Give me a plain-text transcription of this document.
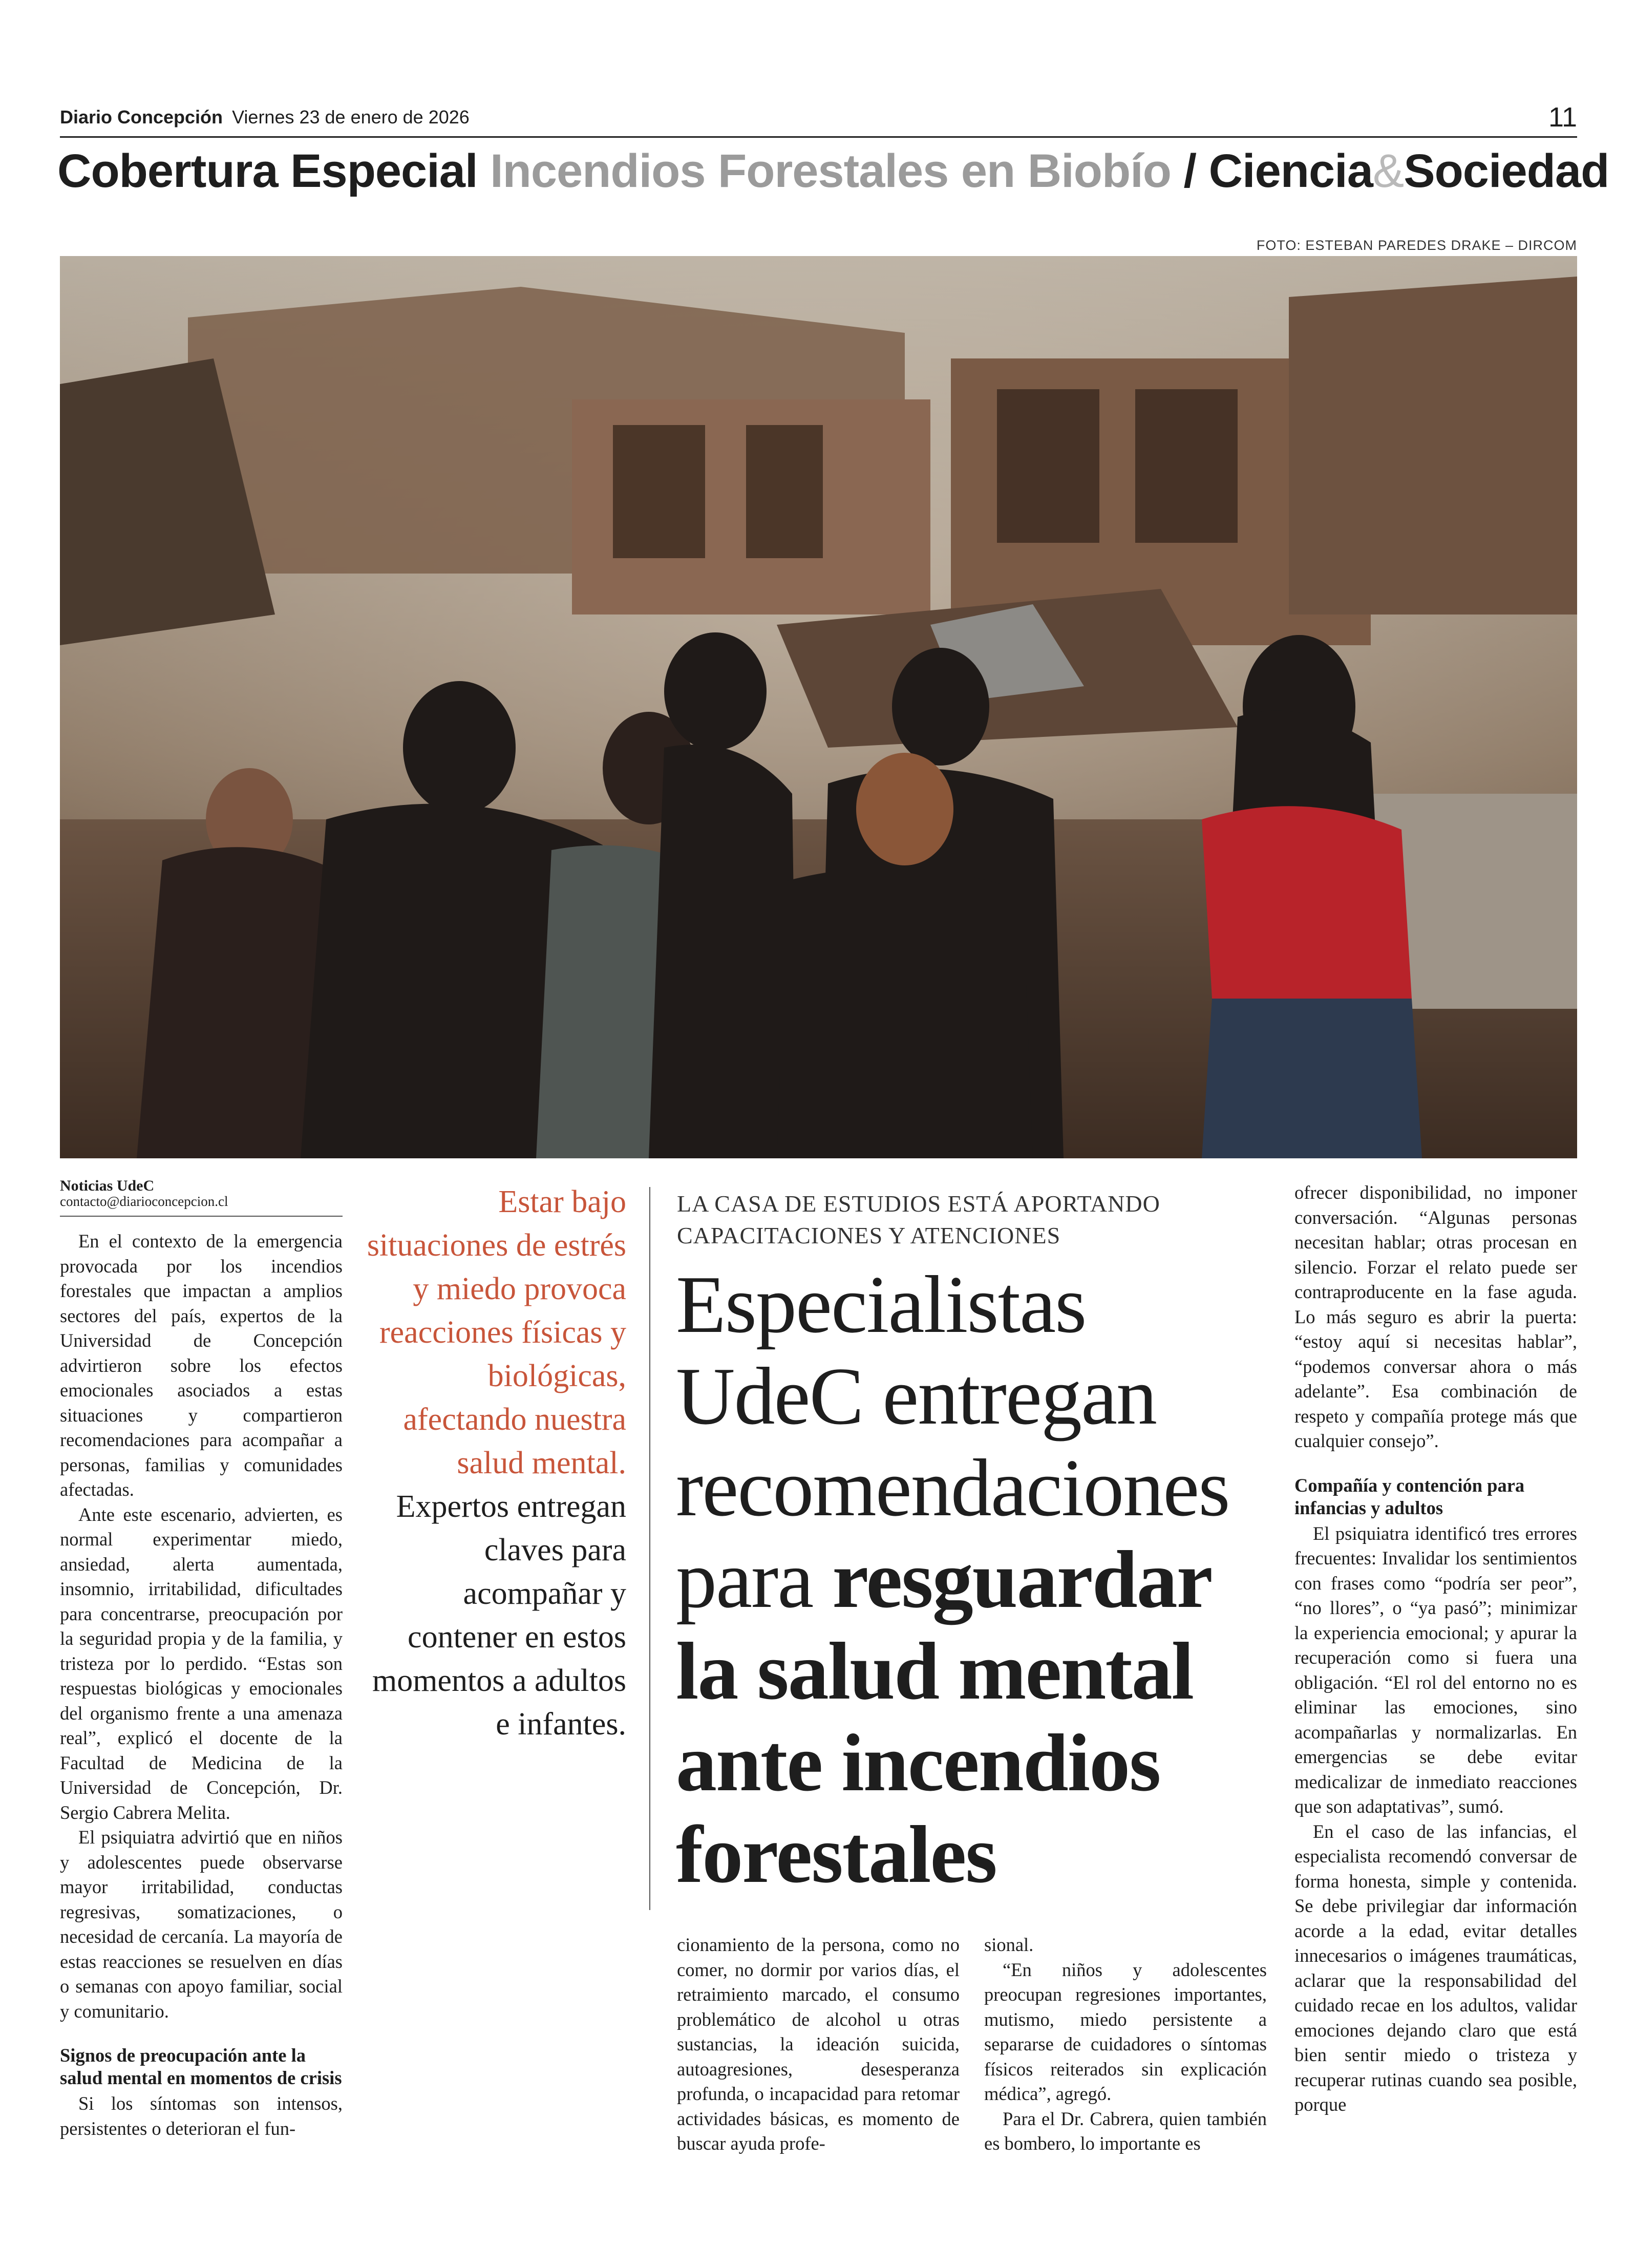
Diario Concepción Viernes 23 de enero de 2026	11
Cobertura Especial Incendios Forestales en Biobío / Ciencia&Sociedad
FOTO: ESTEBAN PAREDES DRAKE – DIRCOM
Noticias UdeC
contacto@diarioconcepcion.cl

En el contexto de la emergencia provocada por los incendios forestales que impactan a amplios sectores del país, expertos de la Universidad de Concepción advirtieron sobre los efectos emocionales asociados a estas situaciones y compartieron recomendaciones para acompañar a personas, familias y comunidades afectadas.

Ante este escenario, advierten, es normal experimentar miedo, ansiedad, alerta aumentada, insomnio, irritabilidad, dificultades para concentrarse, preocupación por la seguridad propia y de la familia, y tristeza por lo perdido. “Estas son respuestas biológicas y emocionales del organismo frente a una amenaza real”, explicó el docente de la Facultad de Medicina de la Universidad de Concepción, Dr. Sergio Cabrera Melita.

El psiquiatra advirtió que en niños y adolescentes puede observarse mayor irritabilidad, conductas regresivas, somatizaciones, o necesidad de cercanía. La mayoría de estas reacciones se resuelven en días o semanas con apoyo familiar, social y comunitario.

Signos de preocupación ante la salud mental en momentos de crisis

Si los síntomas son intensos, persistentes o deterioran el fun-

Estar bajo situaciones de estrés y miedo provoca reacciones físicas y biológicas, afectando nuestra salud mental. Expertos entregan claves para acompañar y contener en estos momentos a adultos e infantes.
LA CASA DE ESTUDIOS ESTÁ APORTANDO CAPACITACIONES Y ATENCIONES
Especialistas UdeC entregan recomendaciones para resguardar la salud mental ante incendios forestales

cionamiento de la persona, como no comer, no dormir por varios días, el retraimiento marcado, el consumo problemático de alcohol u otras sustancias, la ideación suicida, autoagresiones, desesperanza profunda, o incapacidad para retomar actividades básicas, es momento de buscar ayuda profe-

sional.

“En niños y adolescentes preocupan regresiones importantes, mutismo, miedo persistente a separarse de cuidadores o síntomas físicos reiterados sin explicación médica”, agregó.

Para el Dr. Cabrera, quien también es bombero, lo importante es

ofrecer disponibilidad, no imponer conversación. “Algunas personas necesitan hablar; otras procesan en silencio. Forzar el relato puede ser contraproducente en la fase aguda. Lo más seguro es abrir la puerta: “estoy aquí si necesitas hablar”, “podemos conversar ahora o más adelante”. Esa combinación de respeto y compañía protege más que cualquier consejo”.

Compañía y contención para infancias y adultos

El psiquiatra identificó tres errores frecuentes: Invalidar los sentimientos con frases como “podría ser peor”, “no llores”, o “ya pasó”; minimizar la experiencia emocional; y apurar la recuperación como si fuera una obligación. “El rol del entorno no es eliminar las emociones, sino acompañarlas y normalizarlas. En emergencias se debe evitar medicalizar de inmediato reacciones que son adaptativas”, sumó.

En el caso de las infancias, el especialista recomendó conversar de forma honesta, simple y contenida. Se debe privilegiar dar información acorde a la edad, evitar detalles innecesarios o imágenes traumáticas, aclarar que la responsabilidad del cuidado recae en los adultos, validar emociones dejando claro que está bien sentir miedo o tristeza y recuperar rutinas cuando sea posible, porque
